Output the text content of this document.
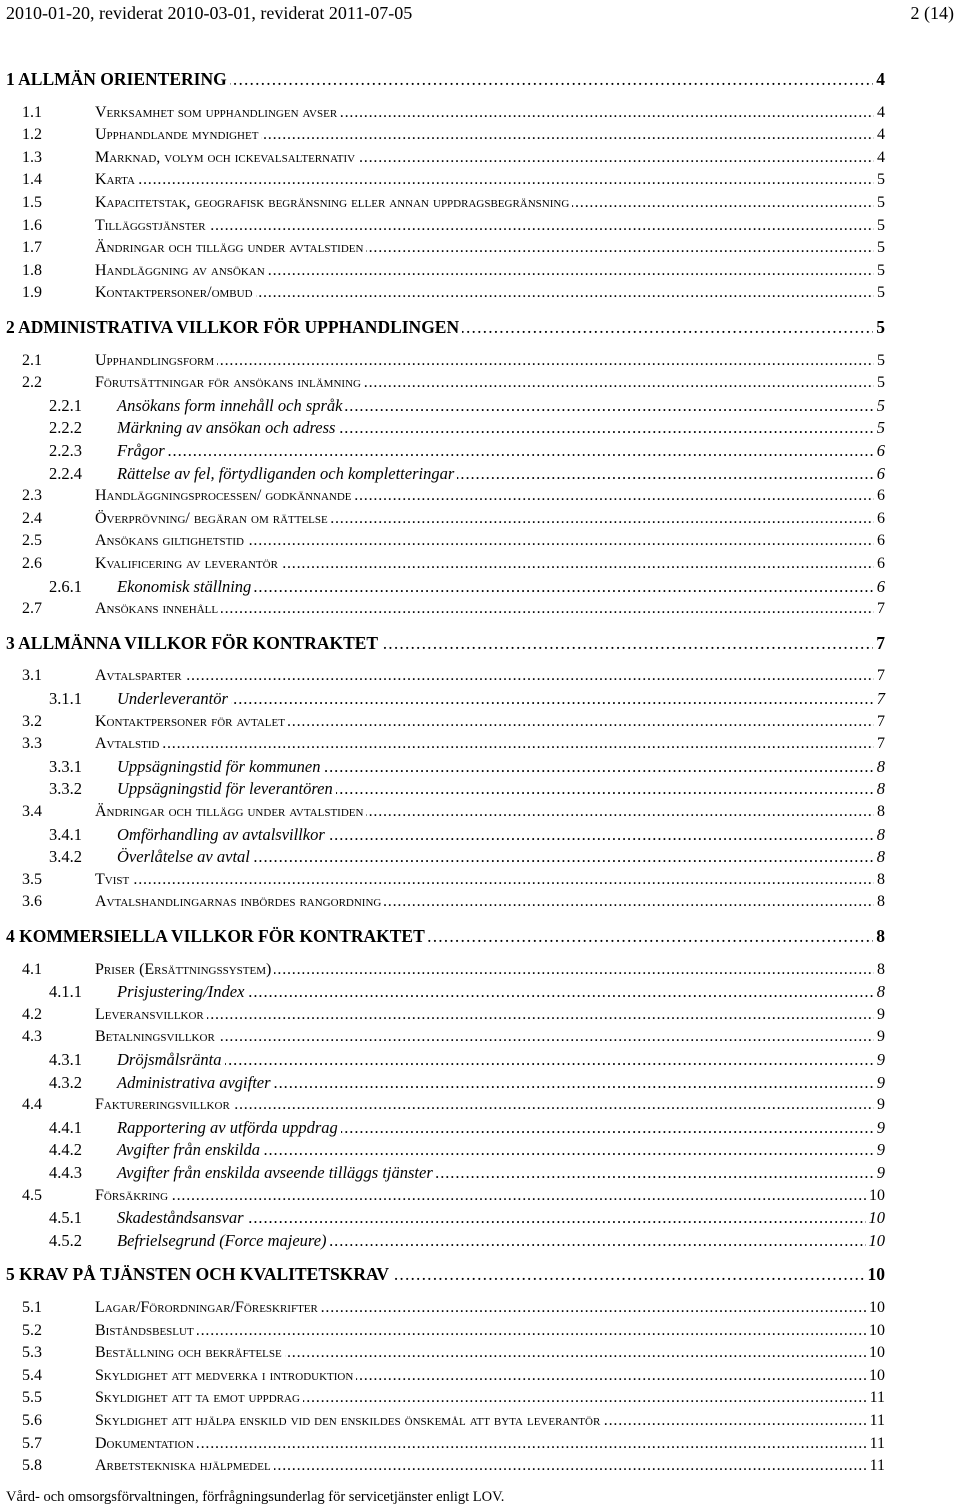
2010-01-20, reviderat 2010-03-01, reviderat 2011-07-05	2 (14)
. . .
1 ALLMÄN ORIENTERING	4
. . .
1.1	Verksamhet som upphandlingen avser	4
. . .
1.2	Upphandlande myndighet	4
. . .
1.3	Marknad, volym och ickevalsalternativ	4
. . .
1.4	Karta	5
. . .
1.5	Kapacitetstak, geografisk begränsning eller annan uppdragsbegränsning	5
. . .
1.6	Tilläggstjänster	5
. . .
1.7	Ändringar och tillägg under avtalstiden	5
. . .
1.8	Handläggning av ansökan	5
. . .
1.9	Kontaktpersoner/ombud	5
. . .
2 ADMINISTRATIVA VILLKOR FÖR UPPHANDLINGEN	5
. . .
2.1	Upphandlingsform	5
. . .
2.2	Förutsättningar för ansökans inlämning	5
. . .
2.2.1 Ansökans form innehåll och språk	5
. . .
2.2.2 Märkning av ansökan och adress	5
. . .
2.2.3 Frågor	6
. . .
2.2.4 Rättelse av fel, förtydliganden och kompletteringar	6
. . .
2.3	Handläggningsprocessen/ godkännande	6
. . .
2.4	Överprövning/ begäran om rättelse	6
. . .
2.5	Ansökans giltighetstid	6
. . .
2.6	Kvalificering av leverantör	6
. . .
2.6.1 Ekonomisk ställning	6
. . .
2.7	Ansökans innehåll	7
. . .
3 ALLMÄNNA VILLKOR FÖR KONTRAKTET	7
. . .
3.1	Avtalsparter	7
. . .
3.1.1 Underleverantör	7
. . .
3.2	Kontaktpersoner för avtalet	7
. . .
3.3	Avtalstid	7
. . .
3.3.1 Uppsägningstid för kommunen	8
. . .
3.3.2 Uppsägningstid för leverantören	8
. . .
3.4	Ändringar och tillägg under avtalstiden	8
. . .
3.4.1 Omförhandling av avtalsvillkor	8
. . .
3.4.2 Överlåtelse av avtal	8
. . .
3.5	Tvist	8
. . .
3.6	Avtalshandlingarnas inbördes rangordning	8
. . .
4 KOMMERSIELLA VILLKOR FÖR KONTRAKTET	8
. . .
4.1	Priser (Ersättningssystem)	8
. . .
4.1.1 Prisjustering/Index	8
. . .
4.2	Leveransvillkor	9
. . .
4.3	Betalningsvillkor	9
. . .
4.3.1 Dröjsmålsränta	9
. . .
4.3.2 Administrativa avgifter	9
. . .
4.4	Faktureringsvillkor	9
. . .
4.4.1 Rapportering av utförda uppdrag	9
. . .
4.4.2 Avgifter från enskilda	9
. . .
4.4.3 Avgifter från enskilda avseende tilläggs tjänster	9
. . .
4.5	Försäkring	10
. . .
4.5.1 Skadeståndsansvar	10
. . .
4.5.2 Befrielsegrund (Force majeure)	10
. . .
5 KRAV PÅ TJÄNSTEN OCH KVALITETSKRAV	10
. . .
5.1	Lagar/Förordningar/Föreskrifter	10
. . .
5.2	Biståndsbeslut	10
. . .
5.3	Beställning och bekräftelse	10
. . .
5.4	Skyldighet att medverka i introduktion	10
. . .
5.5	Skyldighet att ta emot uppdrag	11
. . .
5.6	Skyldighet att hjälpa enskild vid den enskildes önskemål att byta leverantör	11
. . .
5.7	Dokumentation	11
. . .
5.8	Arbetstekniska hjälpmedel	11
Vård- och omsorgsförvaltningen, förfrågningsunderlag för servicetjänster enligt LOV.
